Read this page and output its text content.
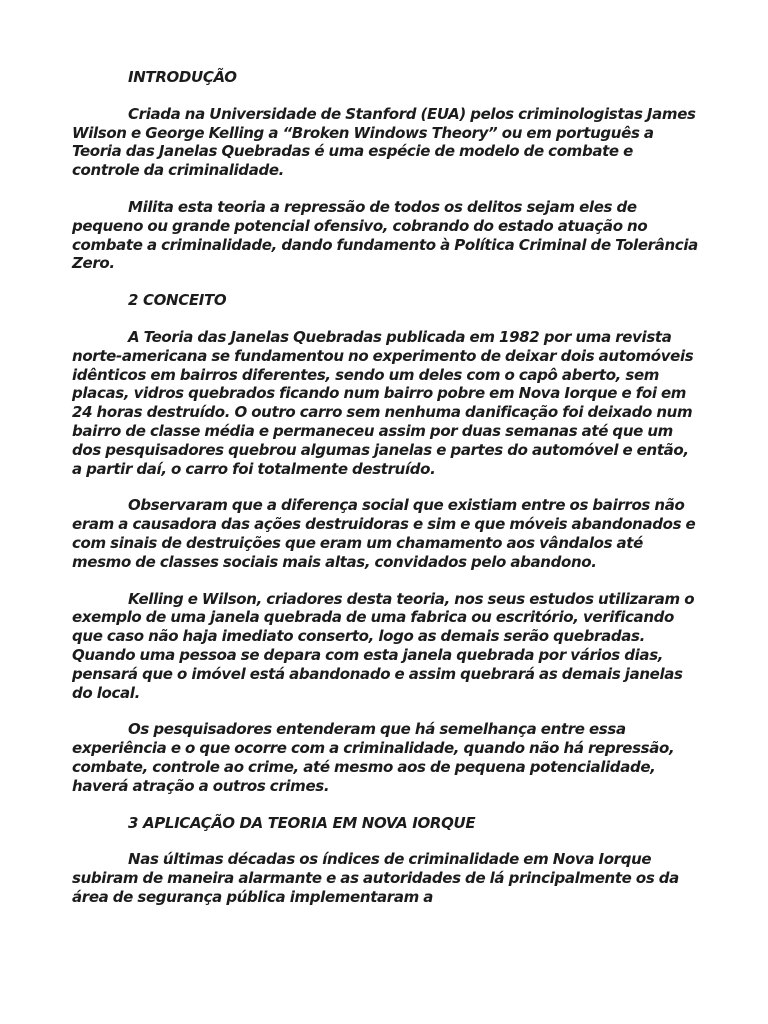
INTRODUÇÃO

Criada na Universidade de Stanford (EUA) pelos criminologistas James Wilson e George Kelling a “Broken Windows Theory” ou em português a Teoria das Janelas Quebradas é uma espécie de modelo de combate e controle da criminalidade.

Milita esta teoria a repressão de todos os delitos sejam eles de pequeno ou grande potencial ofensivo, cobrando do estado atuação no combate a criminalidade, dando fundamento à Política Criminal de Tolerância Zero.

2 CONCEITO

A Teoria das Janelas Quebradas publicada em 1982 por uma revista norte-americana se fundamentou no experimento de deixar dois automóveis idênticos em bairros diferentes, sendo um deles com o capô aberto, sem placas, vidros quebrados ficando num bairro pobre em Nova Iorque e foi em 24 horas destruído. O outro carro sem nenhuma danificação foi deixado num bairro de classe média e permaneceu assim por duas semanas até que um dos pesquisadores quebrou algumas janelas e partes do automóvel e então, a partir daí, o carro foi totalmente destruído.

Observaram que a diferença social que existiam entre os bairros não eram a causadora das ações destruidoras e sim e que móveis abandonados e com sinais de destruições que eram um chamamento aos vândalos até mesmo de classes sociais mais altas, convidados pelo abandono.

Kelling e Wilson, criadores desta teoria, nos seus estudos utilizaram o exemplo de uma janela quebrada de uma fabrica ou escritório, verificando que caso não haja imediato conserto, logo as demais serão quebradas. Quando uma pessoa se depara com esta janela quebrada por vários dias, pensará que o imóvel está abandonado e assim quebrará as demais janelas do local.

Os pesquisadores entenderam que há semelhança entre essa experiência e o que ocorre com a criminalidade, quando não há repressão, combate, controle ao crime, até mesmo aos de pequena potencialidade, haverá atração a outros crimes.

3 APLICAÇÃO DA TEORIA EM NOVA IORQUE

Nas últimas décadas os índices de criminalidade em Nova Iorque subiram de maneira alarmante e as autoridades de lá principalmente os da área de segurança pública implementaram a
